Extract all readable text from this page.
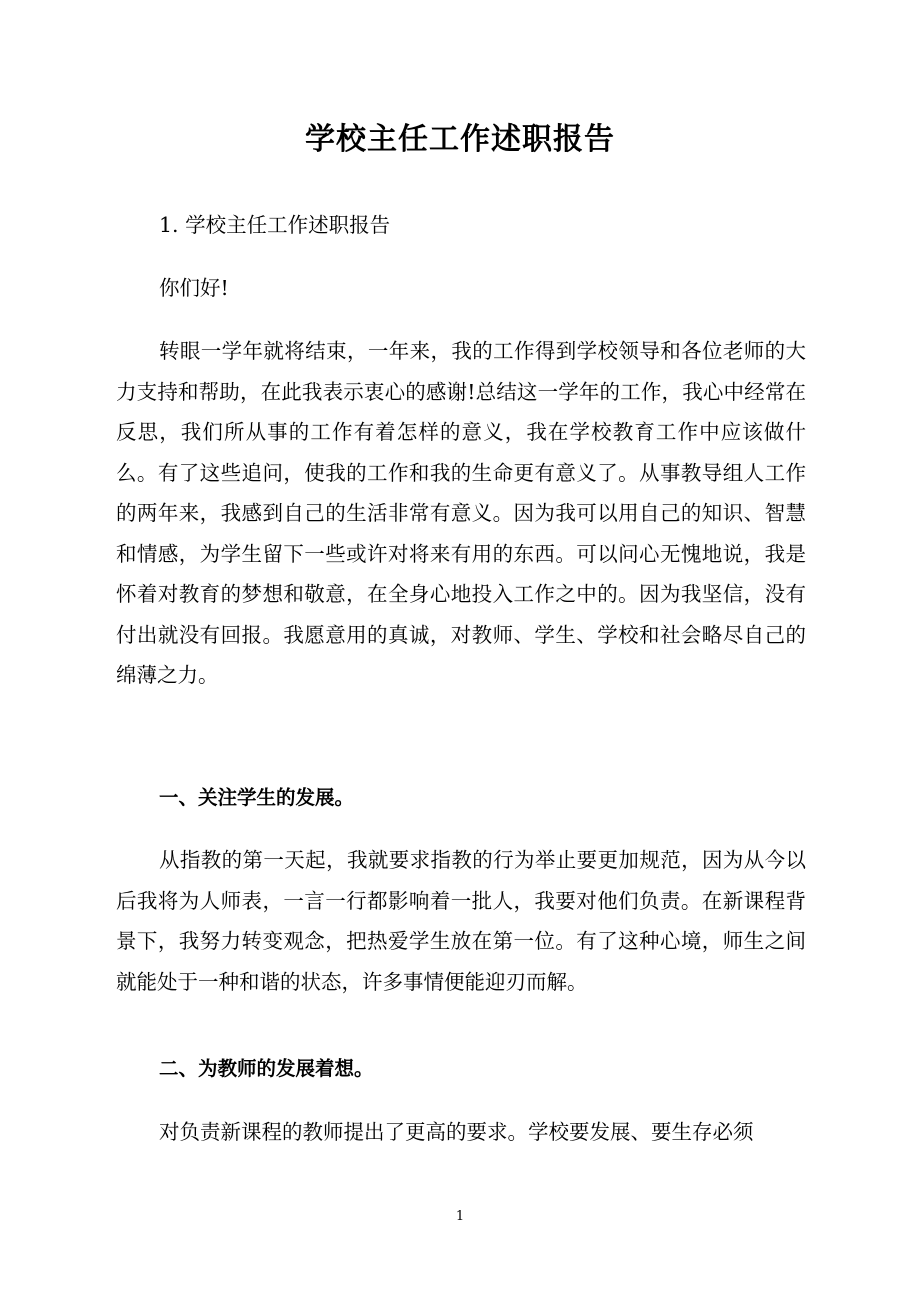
学校主任工作述职报告

1. 学校主任工作述职报告

你们好!

转眼一学年就将结束，一年来，我的工作得到学校领导和各位老师的大力支持和帮助，在此我表示衷心的感谢!总结这一学年的工作，我心中经常在反思，我们所从事的工作有着怎样的意义，我在学校教育工作中应该做什么。有了这些追问，使我的工作和我的生命更有意义了。从事教导组人工作的两年来，我感到自己的生活非常有意义。因为我可以用自己的知识、智慧和情感，为学生留下一些或许对将来有用的东西。可以问心无愧地说，我是怀着对教育的梦想和敬意，在全身心地投入工作之中的。因为我坚信，没有付出就没有回报。我愿意用的真诚，对教师、学生、学校和社会略尽自己的绵薄之力。

一、关注学生的发展。

从指教的第一天起，我就要求指教的行为举止要更加规范，因为从今以后我将为人师表，一言一行都影响着一批人，我要对他们负责。在新课程背景下，我努力转变观念，把热爱学生放在第一位。有了这种心境，师生之间就能处于一种和谐的状态，许多事情便能迎刃而解。

二、为教师的发展着想。

对负责新课程的教师提出了更高的要求。学校要发展、要生存必须

1
